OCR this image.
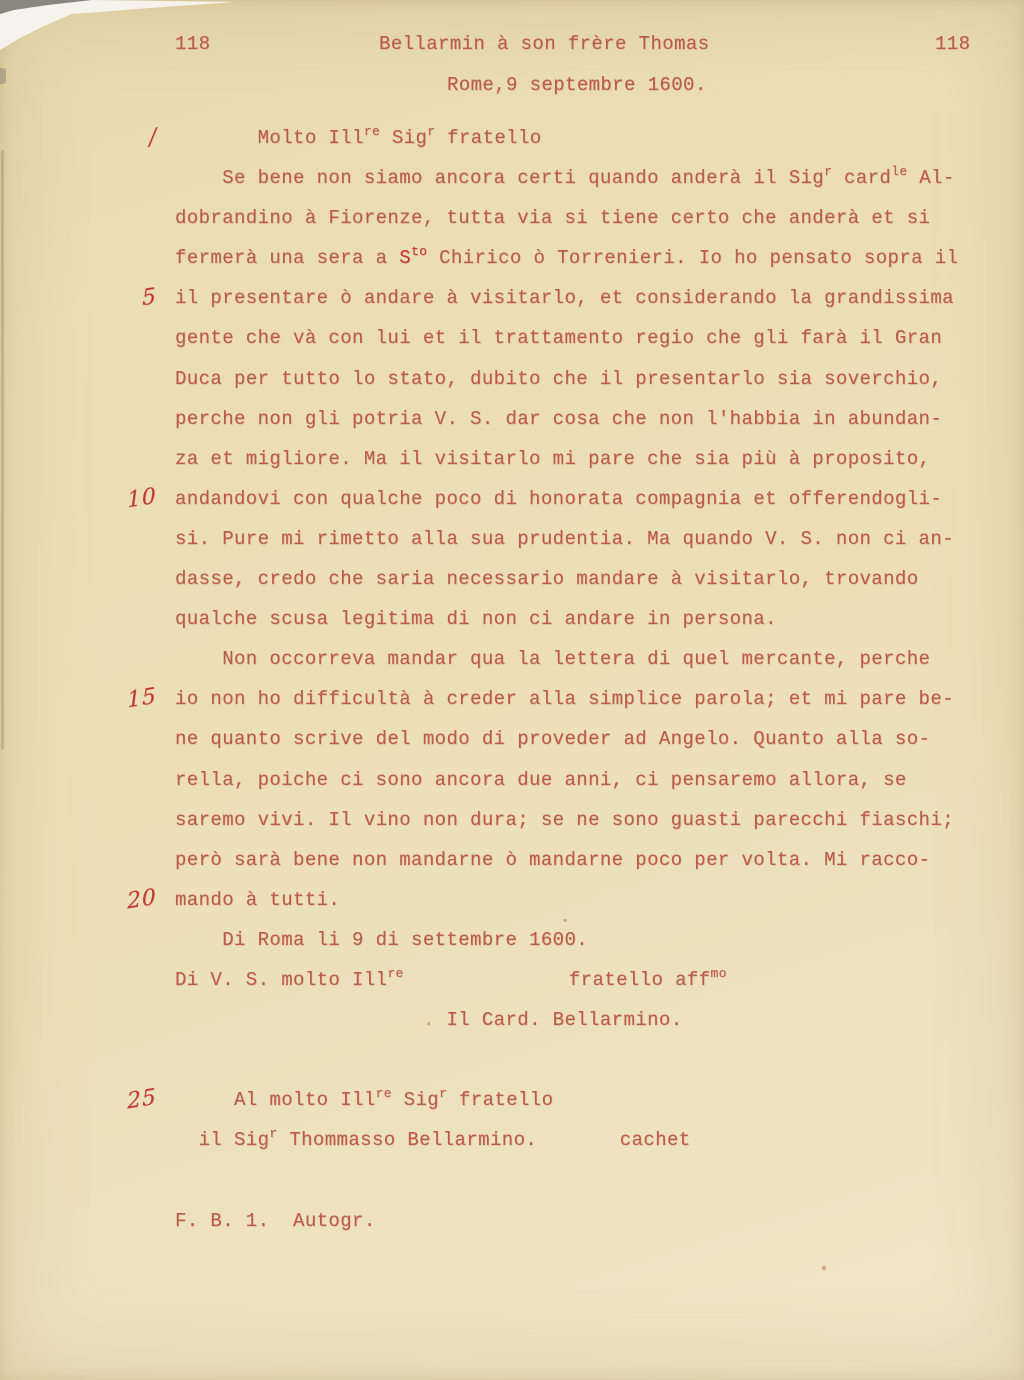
118	Bellarmin à son frère Thomas	118
Rome,9 septembre 1600.
/ Molto Ill$^{re}$ Sig$^r$ fratello
Se bene non siamo ancora certi quando anderà il Sig$^r$ card$^{le}$ Al-
dobrandino à Fiorenze, tutta via si tiene certo che anderà et si
fermerà una sera a $S^{to}$ Chirico ò Torrenieri. Io ho pensato sopra il
5 il presentare ò andare à visitarlo, et considerando la grandissima
gente che và con lui et il trattamento regio che gli farà il Gran
Duca per tutto lo stato, dubito che il presentarlo sia soverchio,
perche non gli potria V. S. dar cosa che non l'habbia in abundan-
za et migliore. Ma il visitarlo mi pare che sia più à proposito,
10 andandovi con qualche poco di honorata compagnia et offerendogli-
si. Pure mi rimetto alla sua prudentia. Ma quando V. S. non ci an-
dasse, credo che saria necessario mandare à visitarlo, trovando
qualche scusa legitima di non ci andare in persona.
Non occorreva mandar qua la lettera di quel mercante, perche
15 io non ho difficultà à creder alla simplice parola; et mi pare be-
ne quanto scrive del modo di proveder ad Angelo. Quanto alla so-
rella, poiche ci sono ancora due anni, ci pensaremo allora, se
saremo vivi. Il vino non dura; se ne sono guasti parecchi fiaschi;
però sarà bene non mandarne ò mandarne poco per volta. Mi racco-
20 mando à tutti.
Di Roma li 9 di settembre 1600.
Di V. S. molto Ill$^{re}$              fratello aff$^{mo}$
. Il Card. Bellarmino.

25 Al molto Ill$^{re}$ Sig$^r$ fratello
il Sig$^r$ Thommasso Bellarmino.       cachet

F. B. 1.  Autogr.
